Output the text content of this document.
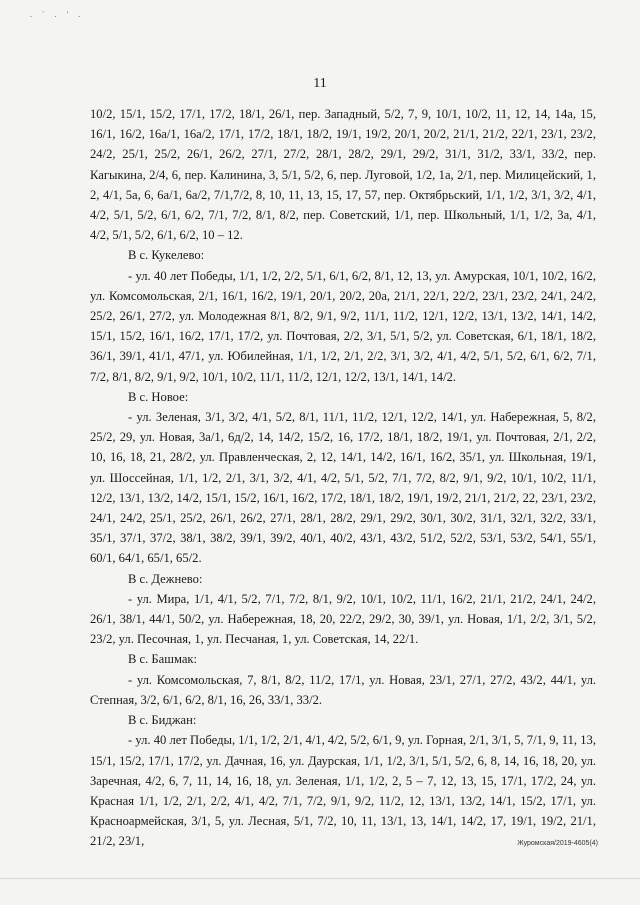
. ` . ' .
11

10/2, 15/1, 15/2, 17/1, 17/2, 18/1, 26/1, пер. Западный, 5/2, 7, 9, 10/1, 10/2, 11, 12, 14, 14а, 15, 16/1, 16/2, 16а/1, 16а/2, 17/1, 17/2, 18/1, 18/2, 19/1, 19/2, 20/1, 20/2, 21/1, 21/2, 22/1, 23/1, 23/2, 24/2, 25/1, 25/2, 26/1, 26/2, 27/1, 27/2, 28/1, 28/2, 29/1, 29/2, 31/1, 31/2, 33/1, 33/2, пер. Кагыкина, 2/4, 6, пер. Калинина, 3, 5/1, 5/2, 6, пер. Луговой, 1/2, 1а, 2/1, пер. Милицейский, 1, 2, 4/1, 5а, 6, 6а/1, 6а/2, 7/1,7/2, 8, 10, 11, 13, 15, 17, 57, пер. Октябрьский, 1/1, 1/2, 3/1, 3/2, 4/1, 4/2, 5/1, 5/2, 6/1, 6/2, 7/1, 7/2, 8/1, 8/2, пер. Советский, 1/1, пер. Школьный, 1/1, 1/2, 3а, 4/1, 4/2, 5/1, 5/2, 6/1, 6/2, 10 – 12.

В с. Кукелево:

- ул. 40 лет Победы, 1/1, 1/2, 2/2, 5/1, 6/1, 6/2, 8/1, 12, 13, ул. Амурская, 10/1, 10/2, 16/2, ул. Комсомольская, 2/1, 16/1, 16/2, 19/1, 20/1, 20/2, 20а, 21/1, 22/1, 22/2, 23/1, 23/2, 24/1, 24/2, 25/2, 26/1, 27/2, ул. Молодежная 8/1, 8/2, 9/1, 9/2, 11/1, 11/2, 12/1, 12/2, 13/1, 13/2, 14/1, 14/2, 15/1, 15/2, 16/1, 16/2, 17/1, 17/2, ул. Почтовая, 2/2, 3/1, 5/1, 5/2, ул. Советская, 6/1, 18/1, 18/2, 36/1, 39/1, 41/1, 47/1, ул. Юбилейная, 1/1, 1/2, 2/1, 2/2, 3/1, 3/2, 4/1, 4/2, 5/1, 5/2, 6/1, 6/2, 7/1, 7/2, 8/1, 8/2, 9/1, 9/2, 10/1, 10/2, 11/1, 11/2, 12/1, 12/2, 13/1, 14/1, 14/2.

В с. Новое:

- ул. Зеленая, 3/1, 3/2, 4/1, 5/2, 8/1, 11/1, 11/2, 12/1, 12/2, 14/1, ул. Набережная, 5, 8/2, 25/2, 29, ул. Новая, 3а/1, 6д/2, 14, 14/2, 15/2, 16, 17/2, 18/1, 18/2, 19/1, ул. Почтовая, 2/1, 2/2, 10, 16, 18, 21, 28/2, ул. Правленческая, 2, 12, 14/1, 14/2, 16/1, 16/2, 35/1, ул. Школьная, 19/1, ул. Шоссейная, 1/1, 1/2, 2/1, 3/1, 3/2, 4/1, 4/2, 5/1, 5/2, 7/1, 7/2, 8/2, 9/1, 9/2, 10/1, 10/2, 11/1, 12/2, 13/1, 13/2, 14/2, 15/1, 15/2, 16/1, 16/2, 17/2, 18/1, 18/2, 19/1, 19/2, 21/1, 21/2, 22, 23/1, 23/2, 24/1, 24/2, 25/1, 25/2, 26/1, 26/2, 27/1, 28/1, 28/2, 29/1, 29/2, 30/1, 30/2, 31/1, 32/1, 32/2, 33/1, 35/1, 37/1, 37/2, 38/1, 38/2, 39/1, 39/2, 40/1, 40/2, 43/1, 43/2, 51/2, 52/2, 53/1, 53/2, 54/1, 55/1, 60/1, 64/1, 65/1, 65/2.

В с. Дежнево:

- ул. Мира, 1/1, 4/1, 5/2, 7/1, 7/2, 8/1, 9/2, 10/1, 10/2, 11/1, 16/2, 21/1, 21/2, 24/1, 24/2, 26/1, 38/1, 44/1, 50/2, ул. Набережная, 18, 20, 22/2, 29/2, 30, 39/1, ул. Новая, 1/1, 2/2, 3/1, 5/2, 23/2, ул. Песочная, 1, ул. Песчаная, 1, ул. Советская, 14, 22/1.

В с. Башмак:

- ул. Комсомольская, 7, 8/1, 8/2, 11/2, 17/1, ул. Новая, 23/1, 27/1, 27/2, 43/2, 44/1, ул. Степная, 3/2, 6/1, 6/2, 8/1, 16, 26, 33/1, 33/2.

В с. Биджан:

- ул. 40 лет Победы, 1/1, 1/2, 2/1, 4/1, 4/2, 5/2, 6/1, 9, ул. Горная, 2/1, 3/1, 5, 7/1, 9, 11, 13, 15/1, 15/2, 17/1, 17/2, ул. Дачная, 16, ул. Даурская, 1/1, 1/2, 3/1, 5/1, 5/2, 6, 8, 14, 16, 18, 20, ул. Заречная, 4/2, 6, 7, 11, 14, 16, 18, ул. Зеленая, 1/1, 1/2, 2, 5 – 7, 12, 13, 15, 17/1, 17/2, 24, ул. Красная 1/1, 1/2, 2/1, 2/2, 4/1, 4/2, 7/1, 7/2, 9/1, 9/2, 11/2, 12, 13/1, 13/2, 14/1, 15/2, 17/1, ул. Красноармейская, 3/1, 5, ул. Лесная, 5/1, 7/2, 10, 11, 13/1, 13, 14/1, 14/2, 17, 19/1, 19/2, 21/1, 21/2, 23/1,	Журомская/2019-4605(4)
